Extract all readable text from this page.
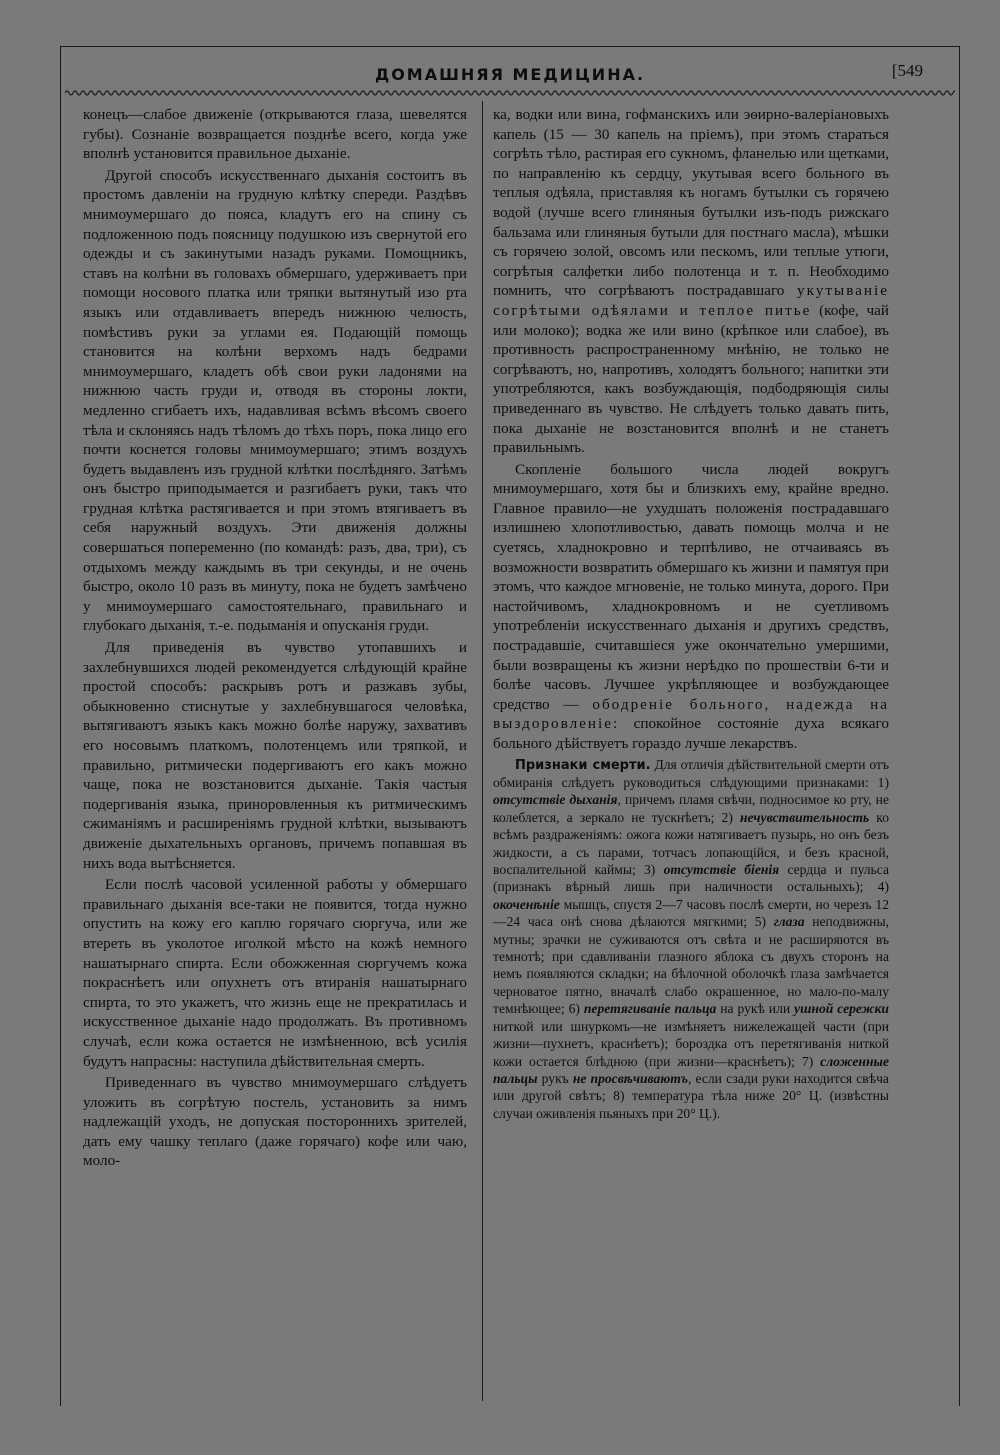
ДОМАШНЯЯ МЕДИЦИНА.	[549

конецъ—слабое движеніе (открываются глаза, шевелятся губы). Сознаніе возвращается позднѣе всего, когда уже вполнѣ установится правильное дыханіе.

Другой способъ искусственнаго дыханія состоитъ въ простомъ давленіи на грудную клѣтку спереди. Раздѣвъ мнимоумершаго до пояса, кладутъ его на спину съ подложенною подъ поясницу подушкою изъ свернутой его одежды и съ закинутыми назадъ руками. Помощникъ, ставъ на колѣни въ головахъ обмершаго, удерживаетъ при помощи носового платка или тряпки вытянутый изо рта языкъ или отдавливаетъ впередъ нижнюю челюсть, помѣстивъ руки за углами ея. Подающій помощь становится на колѣни верхомъ надъ бедрами мнимоумершаго, кладетъ обѣ свои руки ладонями на нижнюю часть груди и, отводя въ стороны локти, медленно сгибаетъ ихъ, надавливая всѣмъ вѣсомъ своего тѣла и склоняясь надъ тѣломъ до тѣхъ поръ, пока лицо его почти коснется головы мнимоумершаго; этимъ воздухъ будетъ выдавленъ изъ грудной клѣтки послѣдняго. Затѣмъ онъ быстро приподымается и разгибаетъ руки, такъ что грудная клѣтка растягивается и при этомъ втягиваетъ въ себя наружный воздухъ. Эти движенія должны совершаться попеременно (по командѣ: разъ, два, три), съ отдыхомъ между каждымъ въ три секунды, и не очень быстро, около 10 разъ въ минуту, пока не будетъ замѣчено у мнимоумершаго самостоятельнаго, правильнаго и глубокаго дыханія, т.-е. подыманія и опусканія груди.

Для приведенія въ чувство утопавшихъ и захлебнувшихся людей рекомендуется слѣдующій крайне простой способъ: раскрывъ ротъ и разжавъ зубы, обыкновенно стиснутые у захлебнувшагося человѣка, вытягиваютъ языкъ какъ можно болѣе наружу, захвативъ его носовымъ платкомъ, полотенцемъ или тряпкой, и правильно, ритмически подергиваютъ его какъ можно чаще, пока не возстановится дыханіе. Такія частыя подергиванія языка, приноровленныя къ ритмическимъ сжиманіямъ и расширеніямъ грудной клѣтки, вызываютъ движеніе дыхательныхъ органовъ, причемъ попавшая въ нихъ вода вытѣсняется.

Если послѣ часовой усиленной работы у обмершаго правильнаго дыханія все-таки не появится, тогда нужно опустить на кожу его каплю горячаго сюргуча, или же втереть въ уколотое иголкой мѣсто на кожѣ немного нашатырнаго спирта. Если обожженная сюргучемъ кожа покраснѣетъ или опухнетъ отъ втиранія нашатырнаго спирта, то это укажетъ, что жизнь еще не прекратилась и искусственное дыханіе надо продолжать. Въ противномъ случаѣ, если кожа остается не измѣненною, всѣ усилія будутъ напрасны: наступила дѣйствительная смерть.

Приведеннаго въ чувство мнимоумершаго слѣдуетъ уложить въ согрѣтую постель, установить за нимъ надлежащій уходъ, не допуская постороннихъ зрителей, дать ему чашку теплаго (даже горячаго) кофе или чаю, моло-

ка, водки или вина, гофманскихъ или эѳирно-валеріановыхъ капель (15 — 30 капель на пріемъ), при этомъ стараться согрѣть тѣло, растирая его сукномъ, фланелью или щетками, по направленію къ сердцу, укутывая всего больного въ теплыя одѣяла, приставляя къ ногамъ бутылки съ горячею водой (лучше всего глиняныя бутылки изъ-подъ рижскаго бальзама или глиняныя бутыли для постнаго масла), мѣшки съ горячею золой, овсомъ или пескомъ, или теплые утюги, согрѣтыя салфетки либо полотенца и т. п. Необходимо помнить, что согрѣваютъ пострадавшаго укутываніе согрѣтыми одѣялами и теплое питье (кофе, чай или молоко); водка же или вино (крѣпкое или слабое), въ противность распространенному мнѣнію, не только не согрѣваютъ, но, напротивъ, холодятъ больного; напитки эти употребляются, какъ возбуждающія, подбодряющія силы приведеннаго въ чувство. Не слѣдуетъ только давать пить, пока дыханіе не возстановится вполнѣ и не станетъ правильнымъ.

Скопленіе большого числа людей вокругъ мнимоумершаго, хотя бы и близкихъ ему, крайне вредно. Главное правило—не ухудшать положенія пострадавшаго излишнею хлопотливостью, давать помощь молча и не суетясь, хладнокровно и терпѣливо, не отчаиваясь въ возможности возвратить обмершаго къ жизни и памятуя при этомъ, что каждое мгновеніе, не только минута, дорого. При настойчивомъ, хладнокровномъ и не суетливомъ употребленіи искусственнаго дыханія и другихъ средствъ, пострадавшіе, считавшіеся уже окончательно умершими, были возвращены къ жизни нерѣдко по прошествіи 6-ти и болѣе часовъ. Лучшее укрѣпляющее и возбуждающее средство — ободреніе больного, надежда на выздоровленіе: спокойное состояніе духа всякаго больного дѣйствуетъ гораздо лучше лекарствъ.

Признаки смерти. Для отличія дѣйствительной смерти отъ обмиранія слѣдуетъ руководиться слѣдующими признаками: 1) отсутствіе дыханія, причемъ пламя свѣчи, подносимое ко рту, не колеблется, а зеркало не тускнѣетъ; 2) нечувствительность ко всѣмъ раздраженіямъ: ожога кожи натягиваетъ пузырь, но онъ безъ жидкости, а съ парами, тотчасъ лопающійся, и безъ красной, воспалительной каймы; 3) отсутствіе біенія сердца и пульса (признакъ вѣрный лишь при наличности остальныхъ); 4) окоченѣніе мышцъ, спустя 2—7 часовъ послѣ смерти, но черезъ 12—24 часа онѣ снова дѣлаются мягкими; 5) глаза неподвижны, мутны; зрачки не суживаются отъ свѣта и не расширяются въ темнотѣ; при сдавливаніи глазного яблока съ двухъ сторонъ на немъ появляются складки; на бѣлочной оболочкѣ глаза замѣчается черноватое пятно, вначалѣ слабо окрашенное, но мало-по-малу темнѣющее; 6) перетягиваніе пальца на рукѣ или ушной сережки ниткой или шнуркомъ—не измѣняетъ нижележащей части (при жизни—пухнетъ, краснѣетъ); бороздка отъ перетягиванія ниткой кожи остается блѣдною (при жизни—краснѣетъ); 7) сложенные пальцы рукъ не просвѣчиваютъ, если сзади руки находится свѣча или другой свѣтъ; 8) температура тѣла ниже 20° Ц. (извѣстны случаи оживленія пьяныхъ при 20° Ц.).
